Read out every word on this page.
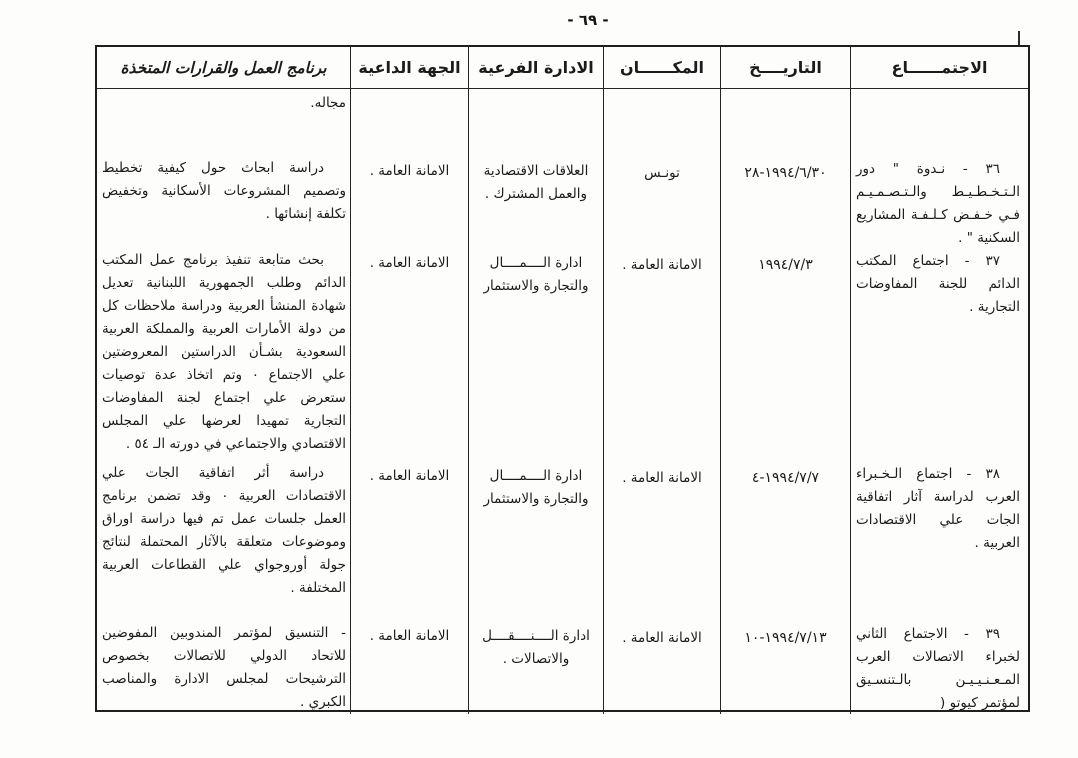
- ٦٩ -
الاجتمــــــاع
التاريــــخ
المكــــــان
الادارة الفرعية
الجهة الداعية
برنامج العمل والقرارات المتخذة

مجاله.

٣٦ - نـدوة " دور الـتـخـطـيـط والـتـصـمـيـم فـي خـفـض كـلـفـة المشاريع السكنية " .

١٩٩٤/٦/٣٠-٢٨

تونـس

العلاقات الاقتصادية والعمل المشترك .

الامانة العامة .

دراسة ابحاث حول كيفية تخطيط وتصميم المشروعات الأسكانية وتخفيض تكلفة إنشائها .

٣٧ - اجتماع المكتب الدائم للجنة المفاوضات التجارية .

١٩٩٤/٧/٣

الامانة العامة .

ادارة الــــمــــال والتجارة والاستثمار

الامانة العامة .

بحث متابعة تنفيذ برنامج عمل المكتب الدائم وطلب الجمهورية اللبنانية تعديل شهادة المنشأ العربية ودراسة ملاحظات كل من دولة الأمارات العربية والمملكة العربية السعودية بشـأن الدراستين المعروضتين علي الاجتماع ٠ وتم اتخاذ عدة توصيات ستعرض علي اجتماع لجنة المفاوضات التجارية تمهيدا لعرضها علي المجلس الاقتصادي والاجتماعي في دورته الـ ٥٤ .

٣٨ - اجتماع الـخـبراء العرب لدراسة آثار اتفاقية الجات علي الاقتصادات العربية .

١٩٩٤/٧/٧-٤

الامانة العامة .

ادارة الــــمــــال والتجارة والاستثمار

الامانة العامة .

دراسة أثر اتفاقية الجات علي الاقتصادات العربية ٠ وقد تضمن برنامج العمل جلسات عمل تم فيها دراسة اوراق وموضوعات متعلقة بالآثار المحتملة لنتائج جولة أوروجواي علي القطاعات العربية المختلفة .

٣٩ - الاجتماع الثاني لخبراء الاتصالات العرب المـعـنـيـيـن بالـتنسـيق لمؤتمر كيوتو (

١٩٩٤/٧/١٣-١٠

الامانة العامة .

ادارة الــــنــــقــــل والاتصالات .

الامانة العامة .

- التنسيق لمؤتمر المندوبين المفوضين للاتحاد الدولي للاتصالات بخصوص الترشيحات لمجلس الادارة والمناصب الكبري .
